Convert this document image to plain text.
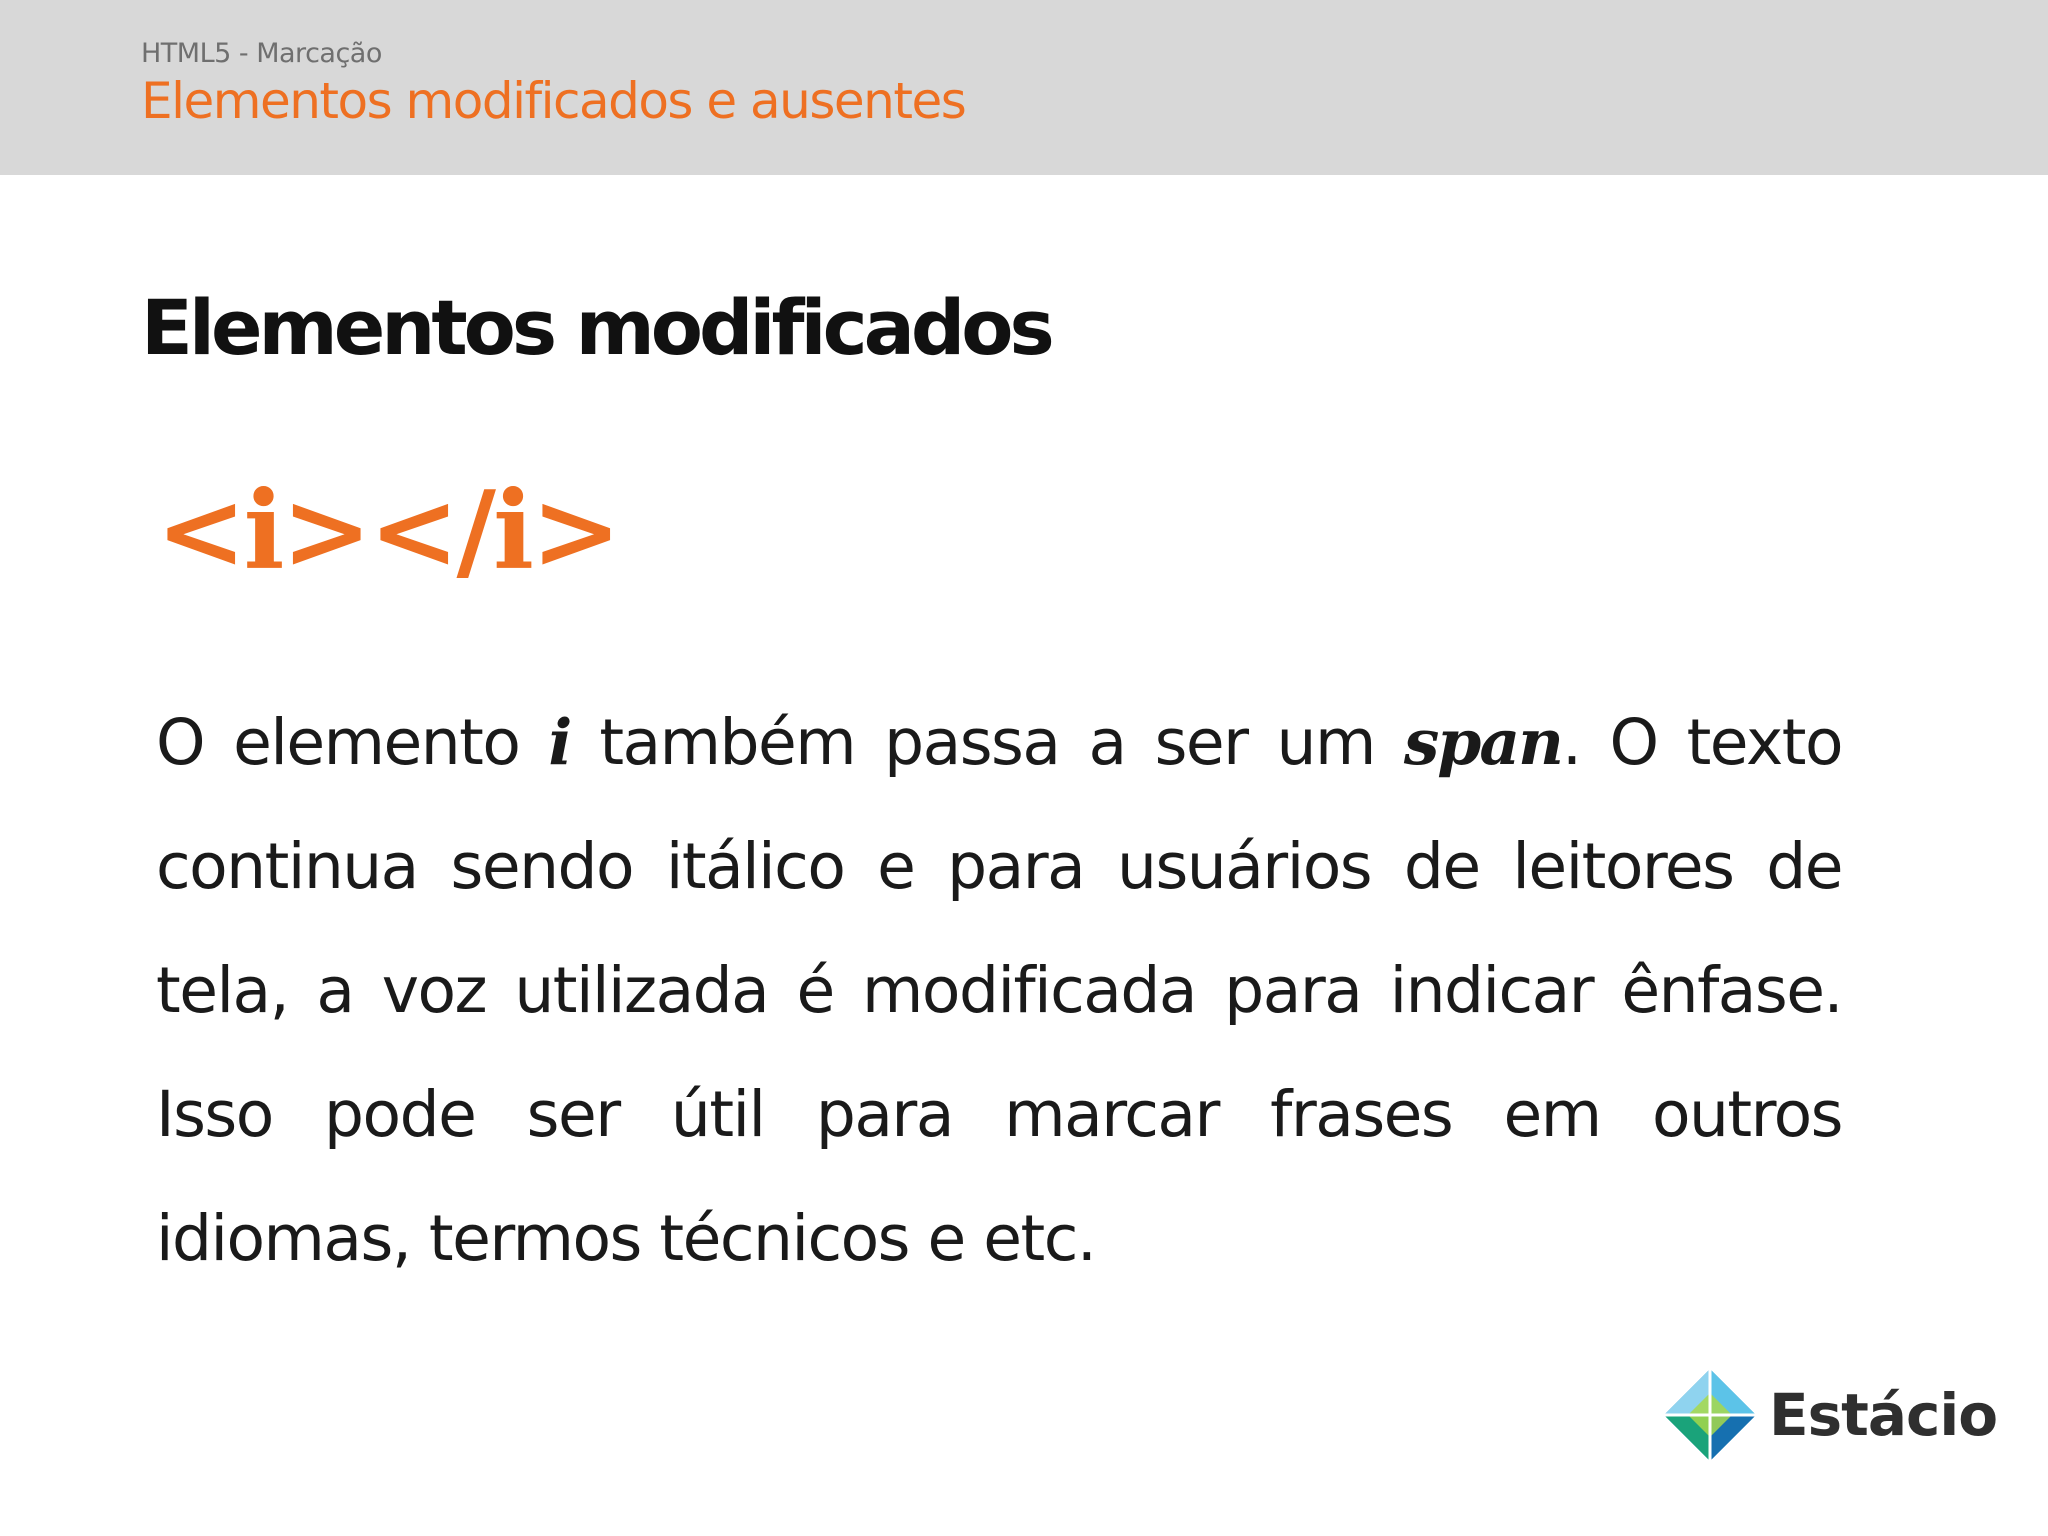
HTML5 - Marcação
Elementos modificados e ausentes
Elementos modificados
<i></i>

O elemento i também passa a ser um span. O texto continua sendo itálico e para usuários de leitores de tela, a voz utilizada é modificada para indicar ênfase. Isso pode ser útil para marcar frases em outros idiomas, termos técnicos e etc.

Estácio
